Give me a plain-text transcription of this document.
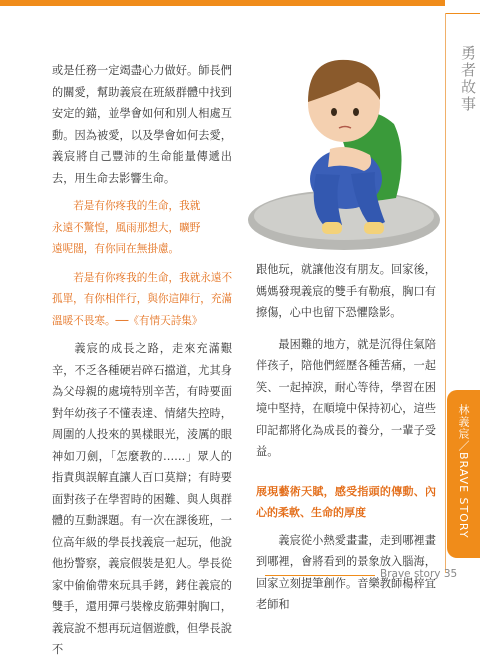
勇者故事
林義宸／BRAVE STORY

或是任務一定竭盡心力做好。師長們的關愛，幫助義宸在班級群體中找到安定的錨，並學會如何和別人相處互動。因為被愛，以及學會如何去愛，義宸將自己豐沛的生命能量傳遞出去，用生命去影響生命。

若是有你疼我的生命，我就
永遠不驚惶，風雨那想大，曠野
遠呢闊，有你同在無掛慮。
若是有你疼我的生命，我就永遠不
孤單，有你相伴行，與你這陣行，充滿
溫暖不畏寒。──《有情天詩集》

義宸的成長之路，走來充滿艱辛，不乏各種硬岩碎石擋道，尤其身為父母親的處境特別辛苦，有時要面對年幼孩子不懂表達、情緒失控時，周圍的人投來的異樣眼光，淩厲的眼神如刀劍，「怎麼教的……」眾人的指責與誤解直讓人百口莫辯；有時要面對孩子在學習時的困難、與人與群體的互動課題。有一次在課後班，一位高年級的學長找義宸一起玩，他說他扮警察，義宸假裝是犯人。學長從家中偷偷帶來玩具手銬，銬住義宸的雙手，還用彈弓裝橡皮筋彈射胸口，義宸說不想再玩這個遊戲，但學長說不

跟他玩，就讓他沒有朋友。回家後，媽媽發現義宸的雙手有勒痕，胸口有擦傷，心中也留下恐懼陰影。

最困難的地方，就是沉得住氣陪伴孩子，陪他們經歷各種苦痛，一起笑、一起掉淚，耐心等待，學習在困境中堅持，在順境中保持初心，這些印記都將化為成長的養分，一輩子受益。

展現藝術天賦，感受指頭的傳動、內心的柔軟、生命的厚度

義宸從小熱愛畫畫，走到哪裡畫到哪裡，會將看到的景象放入腦海，回家立刻提筆創作。音樂教師楊梓宜老師和

Brave story 35
